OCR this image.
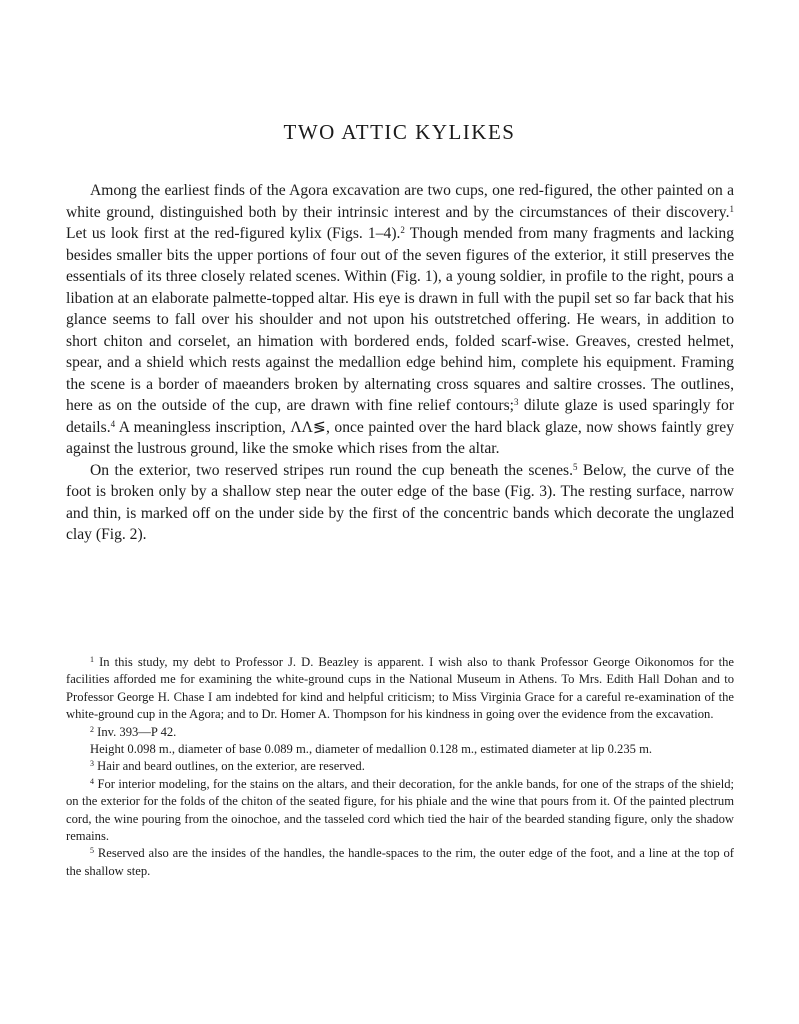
TWO ATTIC KYLIKES

Among the earliest finds of the Agora excavation are two cups, one red-figured, the other painted on a white ground, distinguished both by their intrinsic interest and by the circumstances of their discovery.$^1$ Let us look first at the red-figured kylix (Figs. 1–4).$^2$ Though mended from many fragments and lacking besides smaller bits the upper portions of four out of the seven figures of the exterior, it still preserves the essentials of its three closely related scenes. Within (Fig. 1), a young soldier, in profile to the right, pours a libation at an elaborate palmette-topped altar. His eye is drawn in full with the pupil set so far back that his glance seems to fall over his shoulder and not upon his outstretched offering. He wears, in addition to short chiton and corselet, an himation with bordered ends, folded scarf-wise. Greaves, crested helmet, spear, and a shield which rests against the medallion edge behind him, complete his equipment. Framing the scene is a border of maeanders broken by alternating cross squares and saltire crosses. The outlines, here as on the outside of the cup, are drawn with fine relief contours;$^3$ dilute glaze is used sparingly for details.$^4$ A meaningless inscription, ΛΛ≶, once painted over the hard black glaze, now shows faintly grey against the lustrous ground, like the smoke which rises from the altar.

On the exterior, two reserved stripes run round the cup beneath the scenes.$^5$ Below, the curve of the foot is broken only by a shallow step near the outer edge of the base (Fig. 3). The resting surface, narrow and thin, is marked off on the under side by the first of the concentric bands which decorate the unglazed clay (Fig. 2).

$^1$ In this study, my debt to Professor J. D. Beazley is apparent. I wish also to thank Professor George Oikonomos for the facilities afforded me for examining the white-ground cups in the National Museum in Athens. To Mrs. Edith Hall Dohan and to Professor George H. Chase I am indebted for kind and helpful criticism; to Miss Virginia Grace for a careful re-examination of the white-ground cup in the Agora; and to Dr. Homer A. Thompson for his kindness in going over the evidence from the excavation.

$^2$ Inv. 393—P 42.

Height 0.098 m., diameter of base 0.089 m., diameter of medallion 0.128 m., estimated diameter at lip 0.235 m.

$^3$ Hair and beard outlines, on the exterior, are reserved.

$^4$ For interior modeling, for the stains on the altars, and their decoration, for the ankle bands, for one of the straps of the shield; on the exterior for the folds of the chiton of the seated figure, for his phiale and the wine that pours from it. Of the painted plectrum cord, the wine pouring from the oinochoe, and the tasseled cord which tied the hair of the bearded standing figure, only the shadow remains.

$^5$ Reserved also are the insides of the handles, the handle-spaces to the rim, the outer edge of the foot, and a line at the top of the shallow step.
